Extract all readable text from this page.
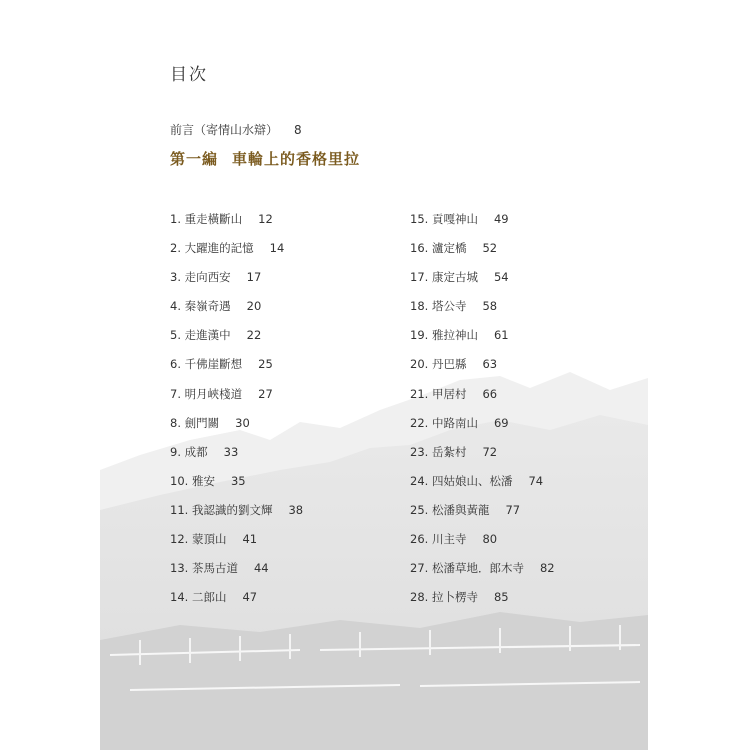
目次
前言（寄情山水辯） 8
第一編 車輪上的香格里拉
1. 重走橫斷山 12
2. 大躍進的記憶 14
3. 走向西安 17
4. 秦嶺奇遇 20
5. 走進漢中 22
6. 千佛崖斷想 25
7. 明月峽棧道 27
8. 劍門關 30
9. 成都 33
10. 雅安 35
11. 我認識的劉文輝 38
12. 蒙頂山 41
13. 茶馬古道 44
14. 二郎山 47
15. 貢嘎神山 49
16. 瀘定橋 52
17. 康定古城 54
18. 塔公寺 58
19. 雅拉神山 61
20. 丹巴縣 63
21. 甲居村 66
22. 中路南山 69
23. 岳紮村 72
24. 四姑娘山、松潘 74
25. 松潘與黃龍 77
26. 川主寺 80
27. 松潘草地．郎木寺 82
28. 拉卜楞寺 85
